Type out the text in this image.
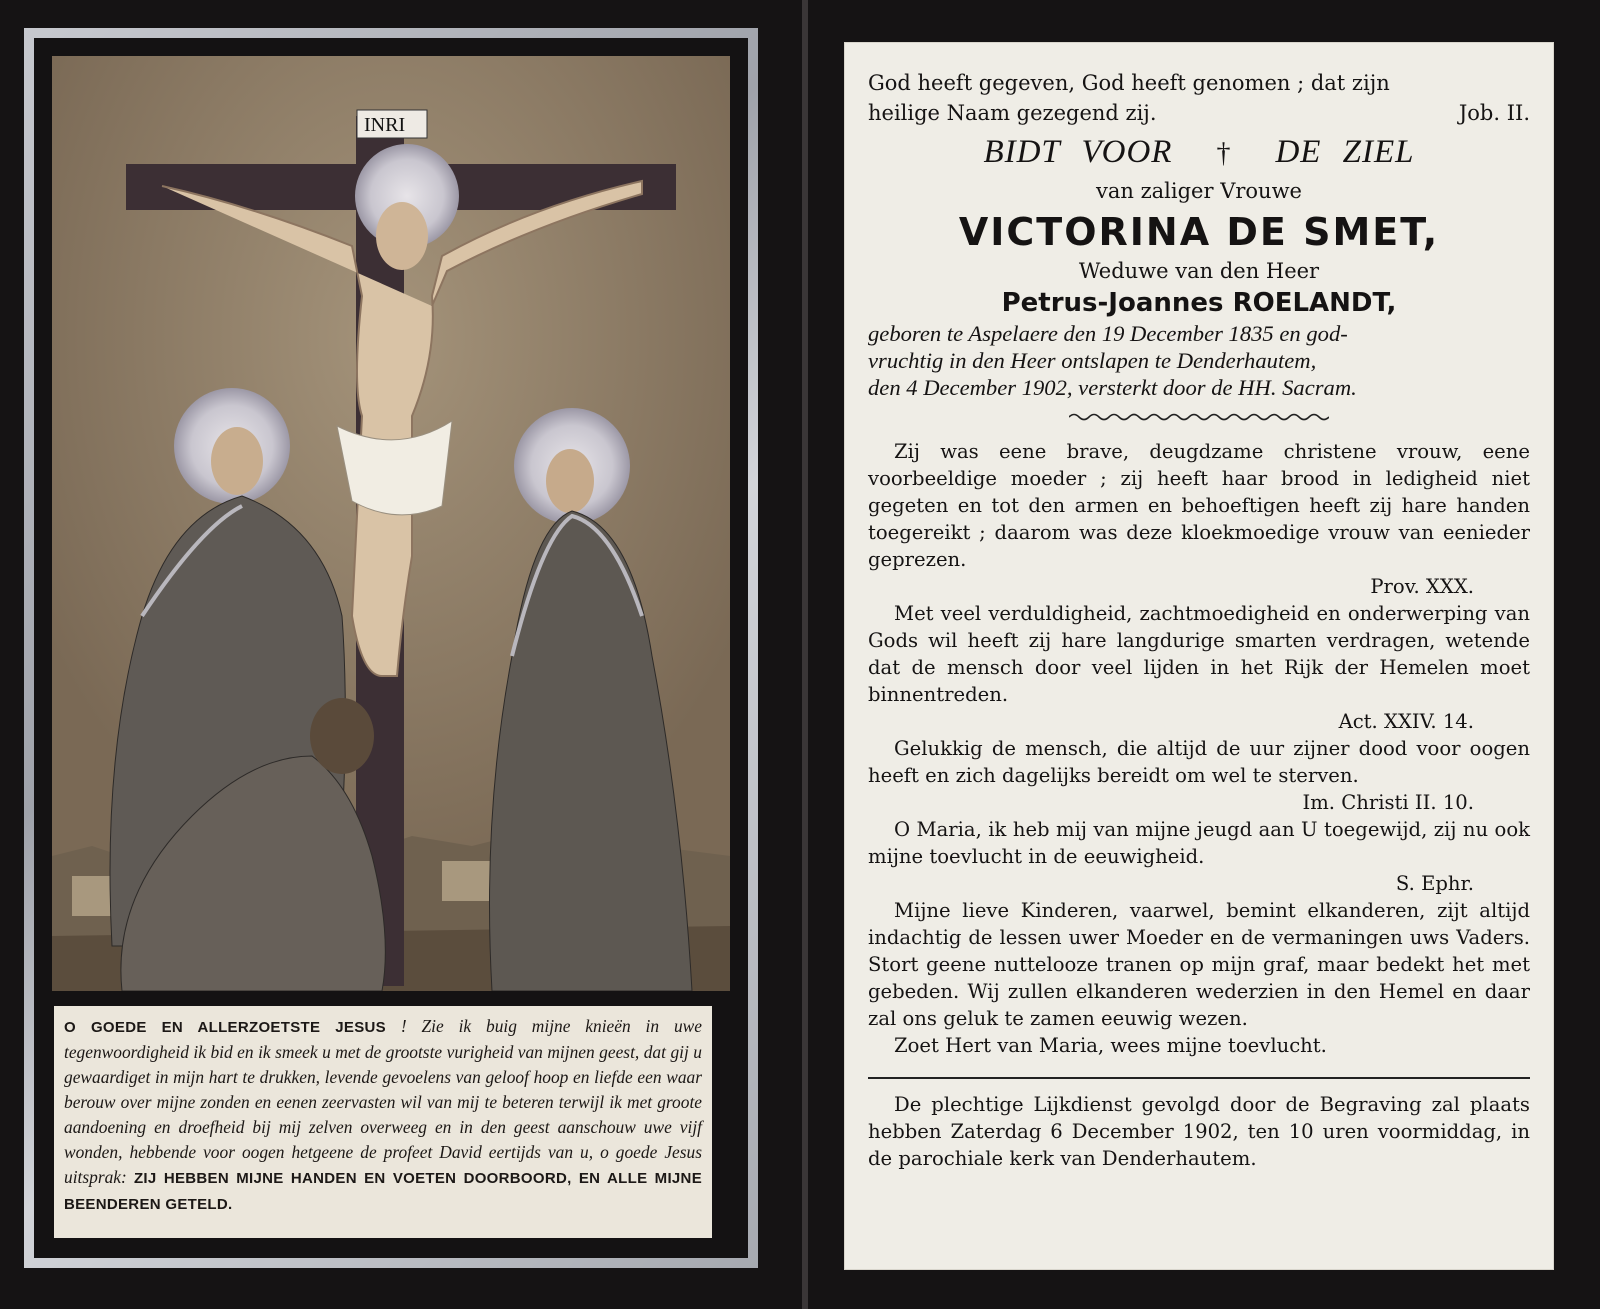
INRI
O GOEDE EN ALLERZOETSTE JESUS ! Zie ik buig mijne knieën in uwe tegenwoordigheid ik bid en ik smeek u met de grootste vurigheid van mijnen geest, dat gij u gewaardiget in mijn hart te drukken, levende gevoelens van geloof hoop en liefde een waar berouw over mijne zonden en eenen zeervasten wil van mij te beteren terwijl ik met groote aandoening en droefheid bij mij zelven overweeg en in den geest aanschouw uwe vijf wonden, hebbende voor oogen hetgeene de profeet David eertijds van u, o goede Jesus uitsprak: ZIJ HEBBEN MIJNE HANDEN EN VOETEN DOORBOORD, EN ALLE MIJNE BEENDEREN GETELD.
God heeft gegeven, God heeft genomen ; dat zijn
heilige Naam gezegend zij.	Job. II.
BIDT VOOR † DE ZIEL
van zaliger Vrouwe
VICTORINA DE SMET,
Weduwe van den Heer
Petrus-Joannes ROELANDT,
geboren te Aspelaere den 19 December 1835 en god-
vruchtig in den Heer ontslapen te Denderhautem,
den 4 December 1902, versterkt door de HH. Sacram.
Zij was eene brave, deugdzame christene vrouw, eene voorbeeldige moeder ; zij heeft haar brood in ledigheid niet gegeten en tot den armen en behoeftigen heeft zij hare handen toegereikt ; daarom was deze kloekmoedige vrouw van eenieder geprezen.
Prov. XXX.
Met veel verduldigheid, zachtmoedigheid en onderwerping van Gods wil heeft zij hare langdurige smarten verdragen, wetende dat de mensch door veel lijden in het Rijk der Hemelen moet binnentreden.
Act. XXIV. 14.
Gelukkig de mensch, die altijd de uur zijner dood voor oogen heeft en zich dagelijks bereidt om wel te sterven.
Im. Christi II. 10.
O Maria, ik heb mij van mijne jeugd aan U toegewijd, zij nu ook mijne toevlucht in de eeuwigheid.
S. Ephr.
Mijne lieve Kinderen, vaarwel, bemint elkanderen, zijt altijd indachtig de lessen uwer Moeder en de vermaningen uws Vaders. Stort geene nuttelooze tranen op mijn graf, maar bedekt het met gebeden. Wij zullen elkanderen wederzien in den Hemel en daar zal ons geluk te zamen eeuwig wezen.
Zoet Hert van Maria, wees mijne toevlucht.
De plechtige Lijkdienst gevolgd door de Begraving zal plaats hebben Zaterdag 6 December 1902, ten 10 uren voormiddag, in de parochiale kerk van Denderhautem.
